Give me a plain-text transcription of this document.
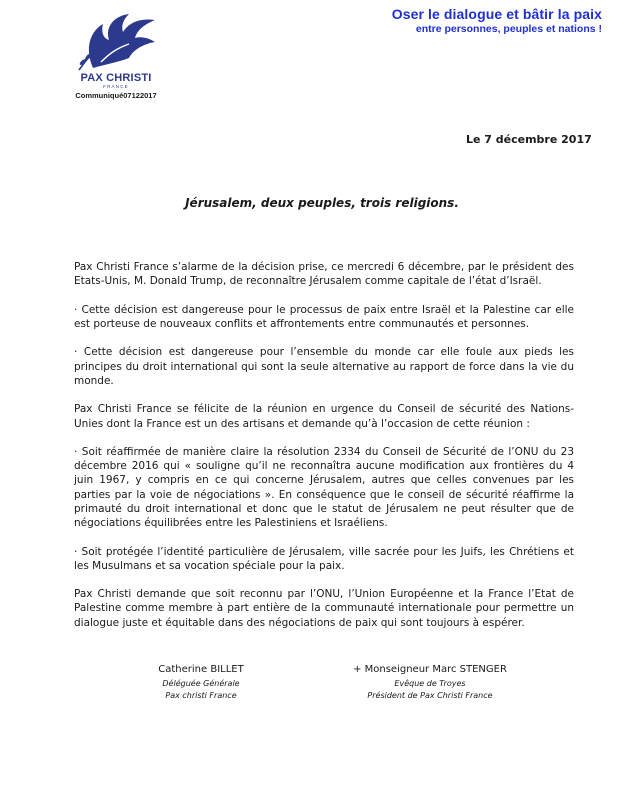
PAX CHRISTI
FRANCE
Communiqué07122017
Oser le dialogue et bâtir la paix
entre personnes, peuples et nations !
Le 7 décembre 2017
Jérusalem, deux peuples, trois religions.

Pax Christi France s’alarme de la décision prise, ce mercredi 6 décembre, par le président des Etats-Unis, M. Donald Trump, de reconnaître Jérusalem comme capitale de l’état d’Israël.

· Cette décision est dangereuse pour le processus de paix entre Israël et la Palestine car elle est porteuse de nouveaux conflits et affrontements entre communautés et personnes.

· Cette décision est dangereuse pour l’ensemble du monde car elle foule aux pieds les principes du droit international qui sont la seule alternative au rapport de force dans la vie du monde.

Pax Christi France se félicite de la réunion en urgence du Conseil de sécurité des Nations-Unies dont la France est un des artisans et demande qu’à l’occasion de cette réunion :

· Soit réaffirmée de manière claire la résolution 2334 du Conseil de Sécurité de l’ONU du 23 décembre 2016 qui « souligne qu’il ne reconnaîtra aucune modification aux frontières du 4 juin 1967, y compris en ce qui concerne Jérusalem, autres que celles convenues par les parties par la voie de négociations ». En conséquence que le conseil de sécurité réaffirme la primauté du droit international et donc que le statut de Jérusalem ne peut résulter que de négociations équilibrées entre les Palestiniens et Israéliens.

· Soit protégée l’identité particulière de Jérusalem, ville sacrée pour les Juifs, les Chrétiens et les Musulmans et sa vocation spéciale pour la paix.

Pax Christi demande que soit reconnu par l’ONU, l’Union Européenne et la France l’Etat de Palestine comme membre à part entière de la communauté internationale pour permettre un dialogue juste et équitable dans des négociations de paix qui sont toujours à espérer.

Catherine BILLET
Déléguée Générale
Pax christi France
+ Monseigneur Marc STENGER
Evêque de Troyes
Président de Pax Christi France
